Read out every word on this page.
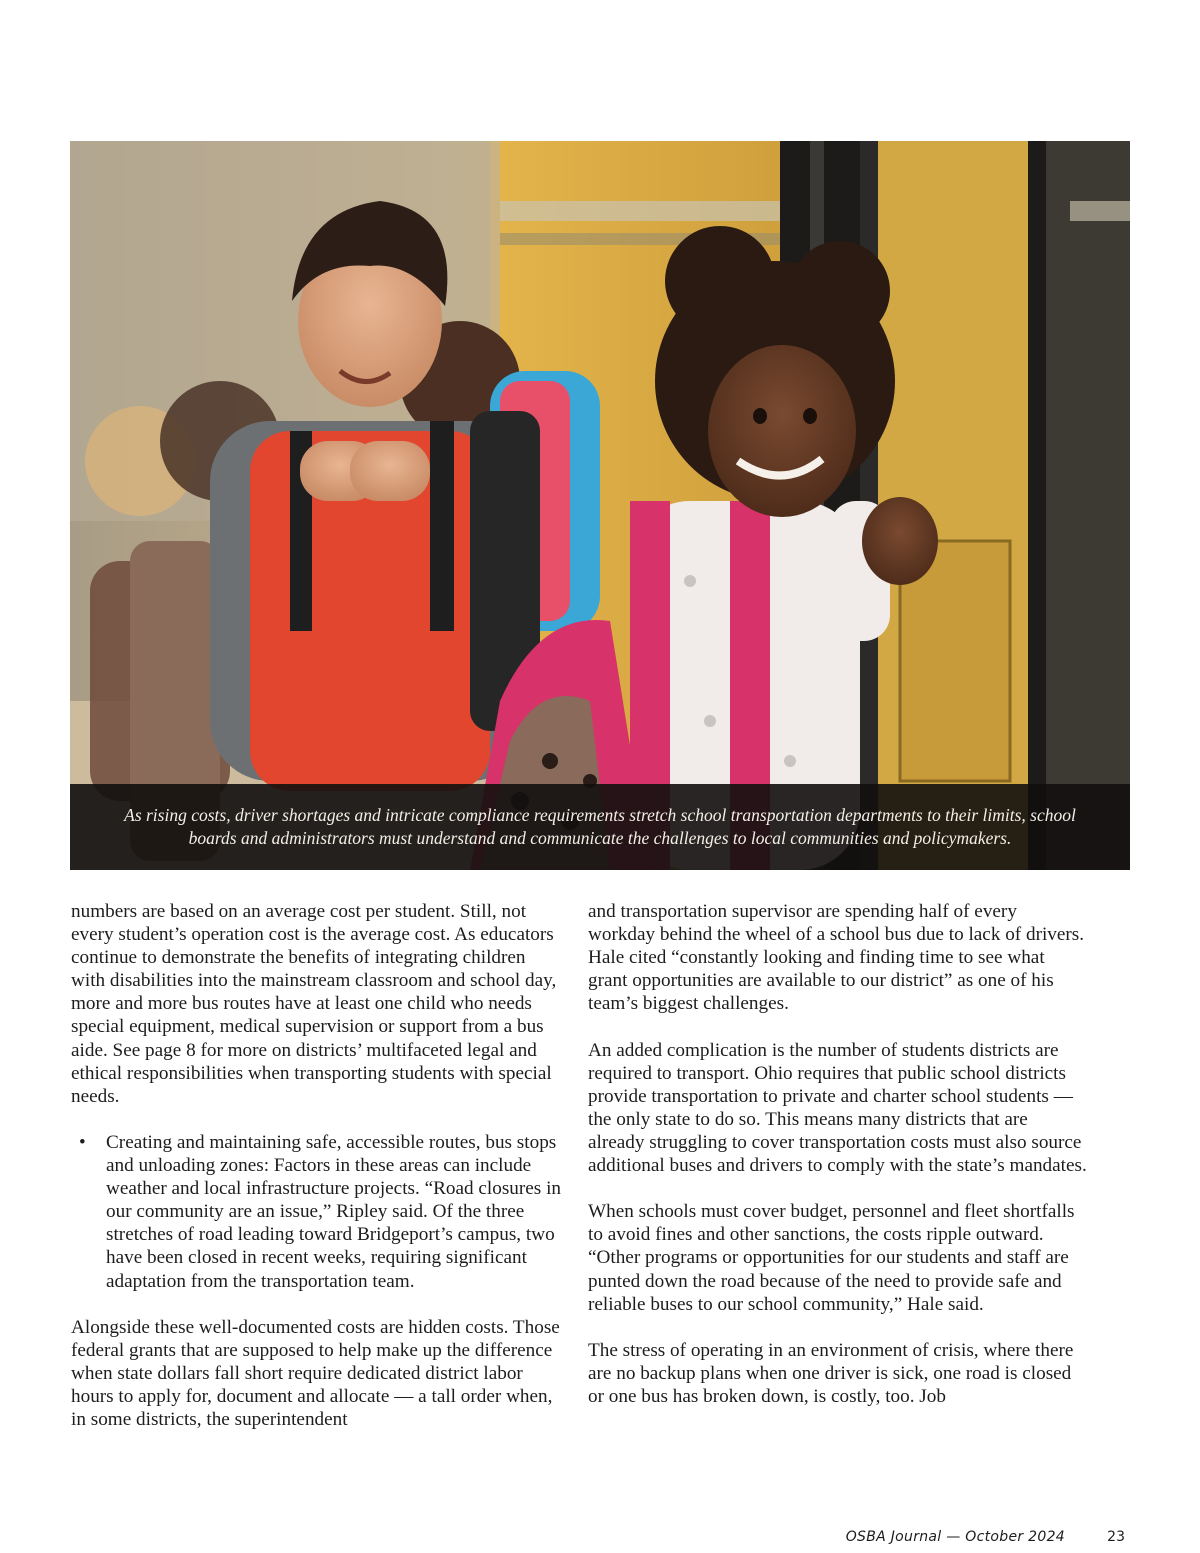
As rising costs, driver shortages and intricate compliance requirements stretch school transportation departments to their limits, school boards and administrators must understand and communicate the challenges to local communities and policymakers.

numbers are based on an average cost per student. Still, not every student’s operation cost is the average cost. As educators continue to demonstrate the benefits of integrating children with disabilities into the mainstream classroom and school day, more and more bus routes have at least one child who needs special equipment, medical supervision or support from a bus aide. See page 8 for more on districts’ multifaceted legal and ethical responsibilities when transporting students with special needs.

• Creating and maintaining safe, accessible routes, bus stops and unloading zones: Factors in these areas can include weather and local infrastructure projects. “Road closures in our community are an issue,” Ripley said. Of the three stretches of road leading toward Bridgeport’s campus, two have been closed in recent weeks, requiring significant adaptation from the transportation team.

Alongside these well-documented costs are hidden costs. Those federal grants that are supposed to help make up the difference when state dollars fall short require dedicated district labor hours to apply for, document and allocate — a tall order when, in some districts, the superintendent

and transportation supervisor are spending half of every workday behind the wheel of a school bus due to lack of drivers. Hale cited “constantly looking and finding time to see what grant opportunities are available to our district” as one of his team’s biggest challenges.

An added complication is the number of students districts are required to transport. Ohio requires that public school districts provide transportation to private and charter school students — the only state to do so. This means many districts that are already struggling to cover transportation costs must also source additional buses and drivers to comply with the state’s mandates.

When schools must cover budget, personnel and fleet shortfalls to avoid fines and other sanctions, the costs ripple outward. “Other programs or opportunities for our students and staff are punted down the road because of the need to provide safe and reliable buses to our school community,” Hale said.

The stress of operating in an environment of crisis, where there are no backup plans when one driver is sick, one road is closed or one bus has broken down, is costly, too. Job

OSBA Journal — October 2024	23
